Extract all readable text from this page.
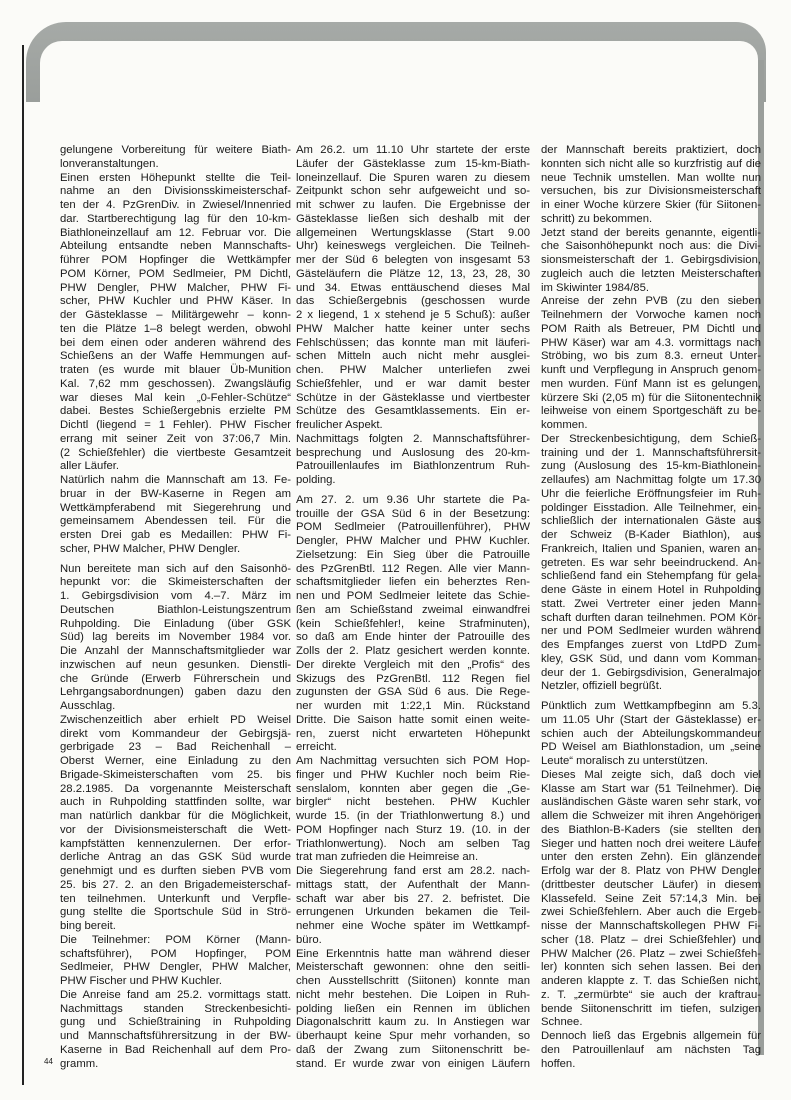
gelungene Vorbereitung für weitere Biath-
lonveranstaltungen.
Einen ersten Höhepunkt stellte die Teil-
nahme an den Divisionsskimeisterschaf-
ten der 4. PzGrenDiv. in Zwiesel/Innenried
dar. Startberechtigung lag für den 10-km-
Biathloneinzellauf am 12. Februar vor. Die
Abteilung entsandte neben Mannschafts-
führer POM Hopfinger die Wettkämpfer
POM Körner, POM Sedlmeier, PM Dichtl,
PHW Dengler, PHW Malcher, PHW Fi-
scher, PHW Kuchler und PHW Käser. In
der Gästeklasse – Militärgewehr – konn-
ten die Plätze 1–8 belegt werden, obwohl
bei dem einen oder anderen während des
Schießens an der Waffe Hemmungen auf-
traten (es wurde mit blauer Üb-Munition
Kal. 7,62 mm geschossen). Zwangsläufig
war dieses Mal kein „0-Fehler-Schütze“
dabei. Bestes Schießergebnis erzielte PM
Dichtl (liegend = 1 Fehler). PHW Fischer
errang mit seiner Zeit von 37:06,7 Min.
(2 Schießfehler) die viertbeste Gesamtzeit
aller Läufer.
Natürlich nahm die Mannschaft am 13. Fe-
bruar in der BW-Kaserne in Regen am
Wettkämpferabend mit Siegerehrung und
gemeinsamem Abendessen teil. Für die
ersten Drei gab es Medaillen: PHW Fi-
scher, PHW Malcher, PHW Dengler.
Nun bereitete man sich auf den Saisonhö-
hepunkt vor: die Skimeisterschaften der
1. Gebirgsdivision vom 4.–7. März im
Deutschen Biathlon-Leistungszentrum
Ruhpolding. Die Einladung (über GSK
Süd) lag bereits im November 1984 vor.
Die Anzahl der Mannschaftsmitglieder war
inzwischen auf neun gesunken. Dienstli-
che Gründe (Erwerb Führerschein und
Lehrgangsabordnungen) gaben dazu den
Ausschlag.
Zwischenzeitlich aber erhielt PD Weisel
direkt vom Kommandeur der Gebirgsjä-
gerbrigade 23 – Bad Reichenhall –
Oberst Werner, eine Einladung zu den
Brigade-Skimeisterschaften vom 25. bis
28.2.1985. Da vorgenannte Meisterschaft
auch in Ruhpolding stattfinden sollte, war
man natürlich dankbar für die Möglichkeit,
vor der Divisionsmeisterschaft die Wett-
kampfstätten kennenzulernen. Der erfor-
derliche Antrag an das GSK Süd wurde
genehmigt und es durften sieben PVB vom
25. bis 27. 2. an den Brigademeisterschaf-
ten teilnehmen. Unterkunft und Verpfle-
gung stellte die Sportschule Süd in Strö-
bing bereit.
Die Teilnehmer: POM Körner (Mann-
schaftsführer), POM Hopfinger, POM
Sedlmeier, PHW Dengler, PHW Malcher,
PHW Fischer und PHW Kuchler.
Die Anreise fand am 25.2. vormittags statt.
Nachmittags standen Streckenbesichti-
gung und Schießtraining in Ruhpolding
und Mannschaftsführersitzung in der BW-
Kaserne in Bad Reichenhall auf dem Pro-
gramm.
Am 26.2. um 11.10 Uhr startete der erste
Läufer der Gästeklasse zum 15-km-Biath-
loneinzellauf. Die Spuren waren zu diesem
Zeitpunkt schon sehr aufgeweicht und so-
mit schwer zu laufen. Die Ergebnisse der
Gästeklasse ließen sich deshalb mit der
allgemeinen Wertungsklasse (Start 9.00
Uhr) keineswegs vergleichen. Die Teilneh-
mer der Süd 6 belegten von insgesamt 53
Gästeläufern die Plätze 12, 13, 23, 28, 30
und 34. Etwas enttäuschend dieses Mal
das Schießergebnis (geschossen wurde
2 x liegend, 1 x stehend je 5 Schuß): außer
PHW Malcher hatte keiner unter sechs
Fehlschüssen; das konnte man mit läuferi-
schen Mitteln auch nicht mehr ausglei-
chen. PHW Malcher unterliefen zwei
Schießfehler, und er war damit bester
Schütze in der Gästeklasse und viertbester
Schütze des Gesamtklassements. Ein er-
freulicher Aspekt.
Nachmittags folgten 2. Mannschaftsführer-
besprechung und Auslosung des 20-km-
Patrouillenlaufes im Biathlonzentrum Ruh-
polding.
Am 27. 2. um 9.36 Uhr startete die Pa-
trouille der GSA Süd 6 in der Besetzung:
POM Sedlmeier (Patrouillenführer), PHW
Dengler, PHW Malcher und PHW Kuchler.
Zielsetzung: Ein Sieg über die Patrouille
des PzGrenBtl. 112 Regen. Alle vier Mann-
schaftsmitglieder liefen ein beherztes Ren-
nen und POM Sedlmeier leitete das Schie-
ßen am Schießstand zweimal einwandfrei
(kein Schießfehler!, keine Strafminuten),
so daß am Ende hinter der Patrouille des
Zolls der 2. Platz gesichert werden konnte.
Der direkte Vergleich mit den „Profis“ des
Skizugs des PzGrenBtl. 112 Regen fiel
zugunsten der GSA Süd 6 aus. Die Rege-
ner wurden mit 1:22,1 Min. Rückstand
Dritte. Die Saison hatte somit einen weite-
ren, zuerst nicht erwarteten Höhepunkt
erreicht.
Am Nachmittag versuchten sich POM Hop-
finger und PHW Kuchler noch beim Rie-
senslalom, konnten aber gegen die „Ge-
birgler“ nicht bestehen. PHW Kuchler
wurde 15. (in der Triathlonwertung 8.) und
POM Hopfinger nach Sturz 19. (10. in der
Triathlonwertung). Noch am selben Tag
trat man zufrieden die Heimreise an.
Die Siegerehrung fand erst am 28.2. nach-
mittags statt, der Aufenthalt der Mann-
schaft war aber bis 27. 2. befristet. Die
errungenen Urkunden bekamen die Teil-
nehmer eine Woche später im Wettkampf-
büro.
Eine Erkenntnis hatte man während dieser
Meisterschaft gewonnen: ohne den seitli-
chen Ausstellschritt (Siitonen) konnte man
nicht mehr bestehen. Die Loipen in Ruh-
polding ließen ein Rennen im üblichen
Diagonalschritt kaum zu. In Anstiegen war
überhaupt keine Spur mehr vorhanden, so
daß der Zwang zum Siitonenschritt be-
stand. Er wurde zwar von einigen Läufern
der Mannschaft bereits praktiziert, doch
konnten sich nicht alle so kurzfristig auf die
neue Technik umstellen. Man wollte nun
versuchen, bis zur Divisionsmeisterschaft
in einer Woche kürzere Skier (für Siitonen-
schritt) zu bekommen.
Jetzt stand der bereits genannte, eigentli-
che Saisonhöhepunkt noch aus: die Divi-
sionsmeisterschaft der 1. Gebirgsdivision,
zugleich auch die letzten Meisterschaften
im Skiwinter 1984/85.
Anreise der zehn PVB (zu den sieben
Teilnehmern der Vorwoche kamen noch
POM Raith als Betreuer, PM Dichtl und
PHW Käser) war am 4.3. vormittags nach
Ströbing, wo bis zum 8.3. erneut Unter-
kunft und Verpflegung in Anspruch genom-
men wurden. Fünf Mann ist es gelungen,
kürzere Ski (2,05 m) für die Siitonentechnik
leihweise von einem Sportgeschäft zu be-
kommen.
Der Streckenbesichtigung, dem Schieß-
training und der 1. Mannschaftsführersit-
zung (Auslosung des 15-km-Biathlonein-
zellaufes) am Nachmittag folgte um 17.30
Uhr die feierliche Eröffnungsfeier im Ruh-
poldinger Eisstadion. Alle Teilnehmer, ein-
schließlich der internationalen Gäste aus
der Schweiz (B-Kader Biathlon), aus
Frankreich, Italien und Spanien, waren an-
getreten. Es war sehr beeindruckend. An-
schließend fand ein Stehempfang für gela-
dene Gäste in einem Hotel in Ruhpolding
statt. Zwei Vertreter einer jeden Mann-
schaft durften daran teilnehmen. POM Kör-
ner und POM Sedlmeier wurden während
des Empfanges zuerst von LtdPD Zum-
kley, GSK Süd, und dann vom Komman-
deur der 1. Gebirgsdivision, Generalmajor
Netzler, offiziell begrüßt.
Pünktlich zum Wettkampfbeginn am 5.3.
um 11.05 Uhr (Start der Gästeklasse) er-
schien auch der Abteilungskommandeur
PD Weisel am Biathlonstadion, um „seine
Leute“ moralisch zu unterstützen.
Dieses Mal zeigte sich, daß doch viel
Klasse am Start war (51 Teilnehmer). Die
ausländischen Gäste waren sehr stark, vor
allem die Schweizer mit ihren Angehörigen
des Biathlon-B-Kaders (sie stellten den
Sieger und hatten noch drei weitere Läufer
unter den ersten Zehn). Ein glänzender
Erfolg war der 8. Platz von PHW Dengler
(drittbester deutscher Läufer) in diesem
Klassefeld. Seine Zeit 57:14,3 Min. bei
zwei Schießfehlern. Aber auch die Ergeb-
nisse der Mannschaftskollegen PHW Fi-
scher (18. Platz – drei Schießfehler) und
PHW Malcher (26. Platz – zwei Schießfeh-
ler) konnten sich sehen lassen. Bei den
anderen klappte z. T. das Schießen nicht,
z. T. „zermürbte“ sie auch der kraftrau-
bende Siitonenschritt im tiefen, sulzigen
Schnee.
Dennoch ließ das Ergebnis allgemein für
den Patrouillenlauf am nächsten Tag
hoffen.
44
